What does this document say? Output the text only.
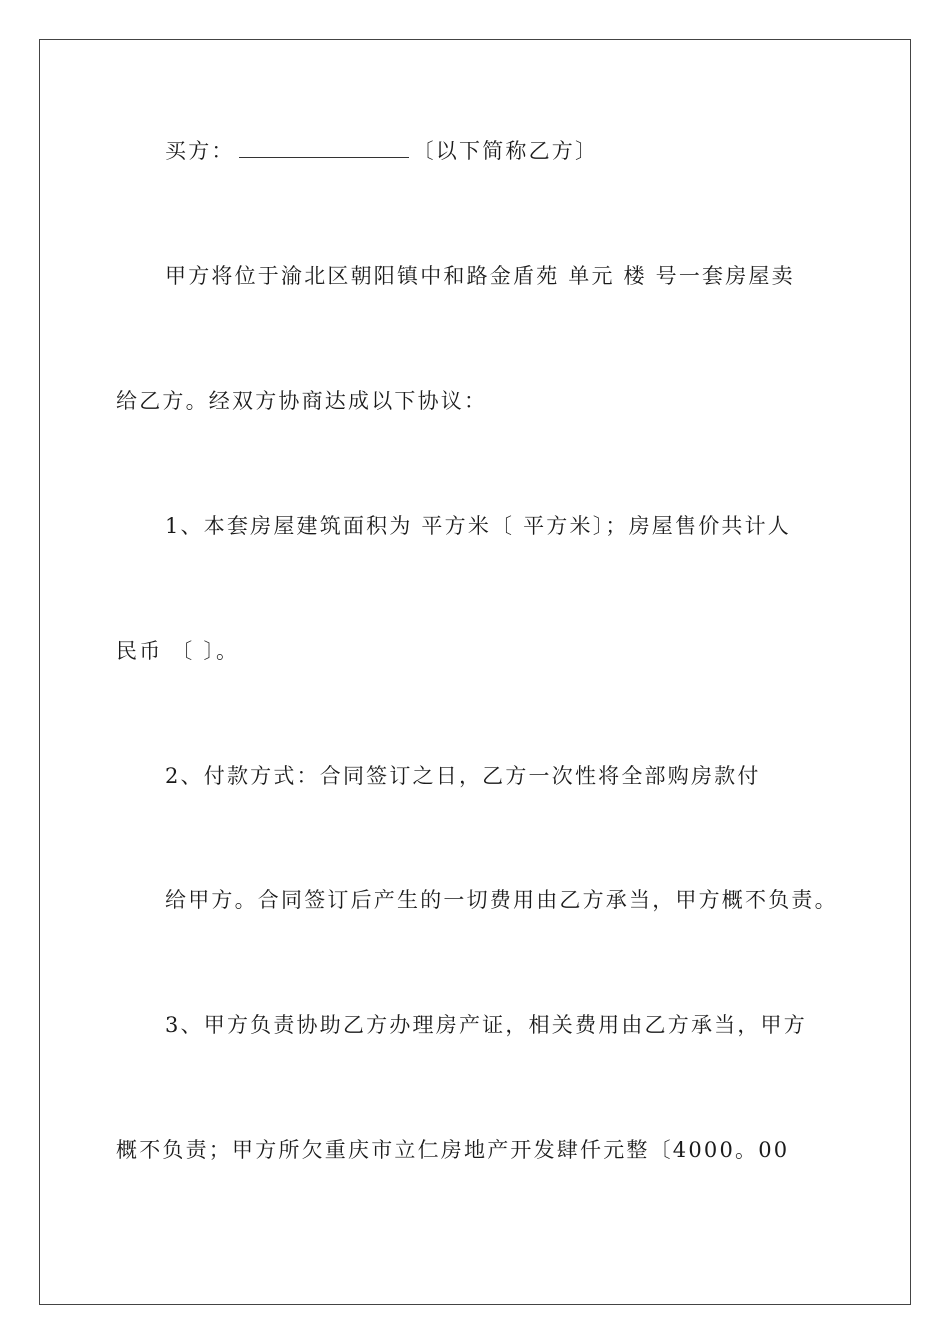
买方：	〔以下简称乙方〕
甲方将位于渝北区朝阳镇中和路金盾苑 单元 楼 号一套房屋卖
给乙方。经双方协商达成以下协议：
1、本套房屋建筑面积为 平方米〔 平方米〕；房屋售价共计人
民币 〔 〕。
2、付款方式：合同签订之日，乙方一次性将全部购房款付
给甲方。合同签订后产生的一切费用由乙方承当，甲方概不负责。
3、甲方负责协助乙方办理房产证，相关费用由乙方承当，甲方
概不负责；甲方所欠重庆市立仁房地产开发肆仟元整〔4000。00
